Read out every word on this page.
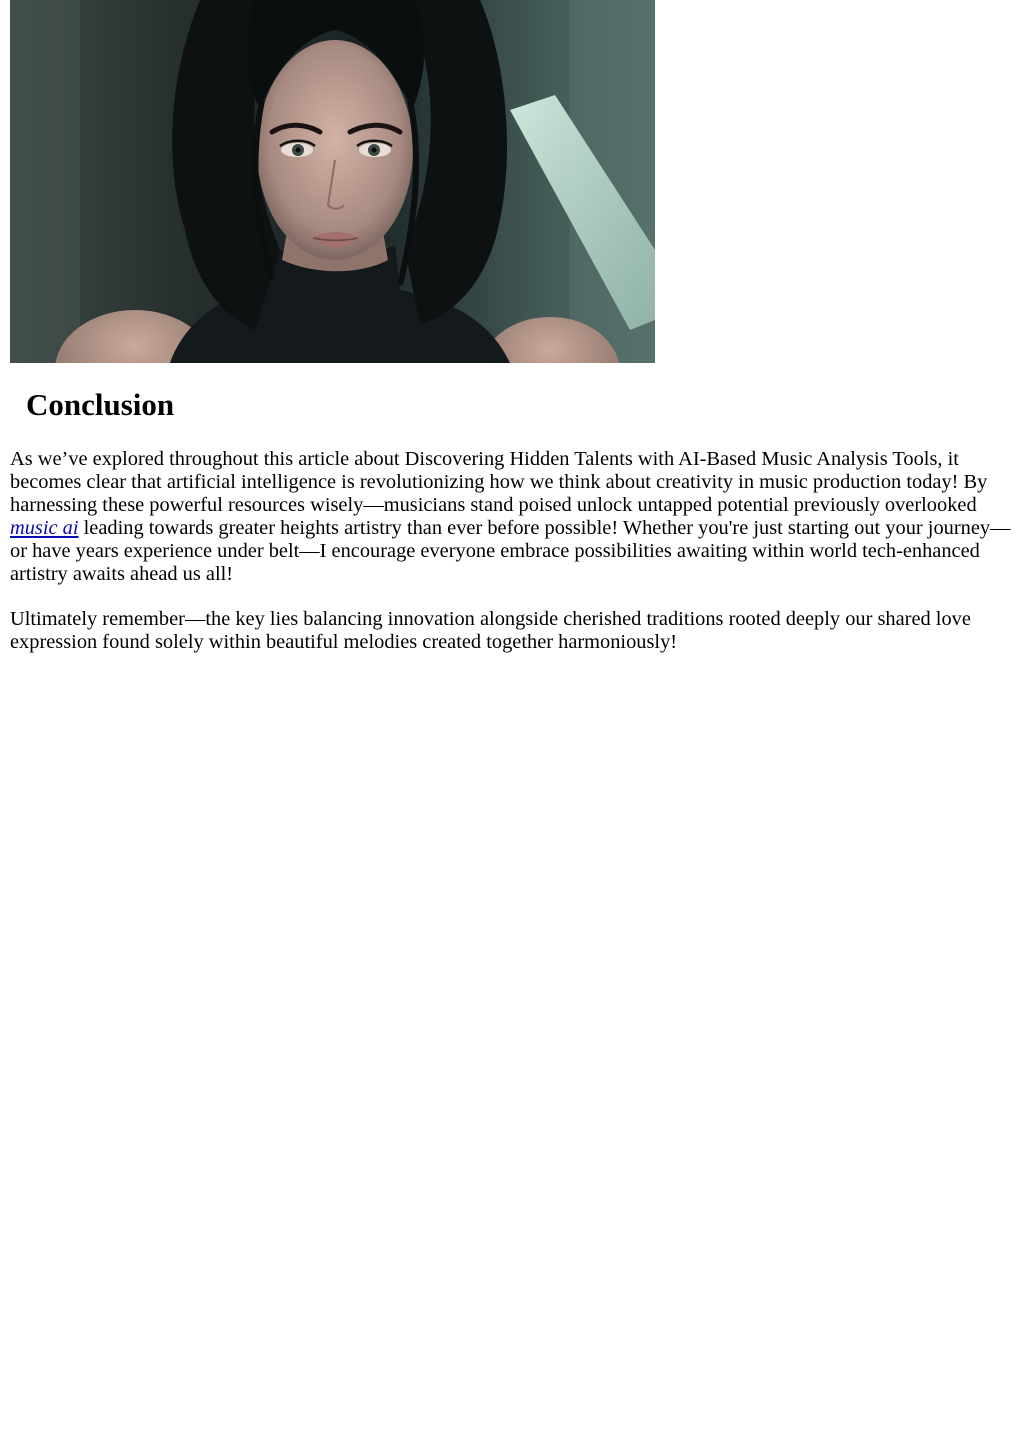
Conclusion

As we’ve explored throughout this article about Discovering Hidden Talents with AI-Based Music Analysis Tools, it becomes clear that artificial intelligence is revolutionizing how we think about creativity in music production today! By harnessing these powerful resources wisely—musicians stand poised unlock untapped potential previously overlooked music ai leading towards greater heights artistry than ever before possible! Whether you're just starting out your journey—or have years experience under belt—I encourage everyone embrace possibilities awaiting within world tech-enhanced artistry awaits ahead us all!

Ultimately remember—the key lies balancing innovation alongside cherished traditions rooted deeply our shared love expression found solely within beautiful melodies created together harmoniously!
